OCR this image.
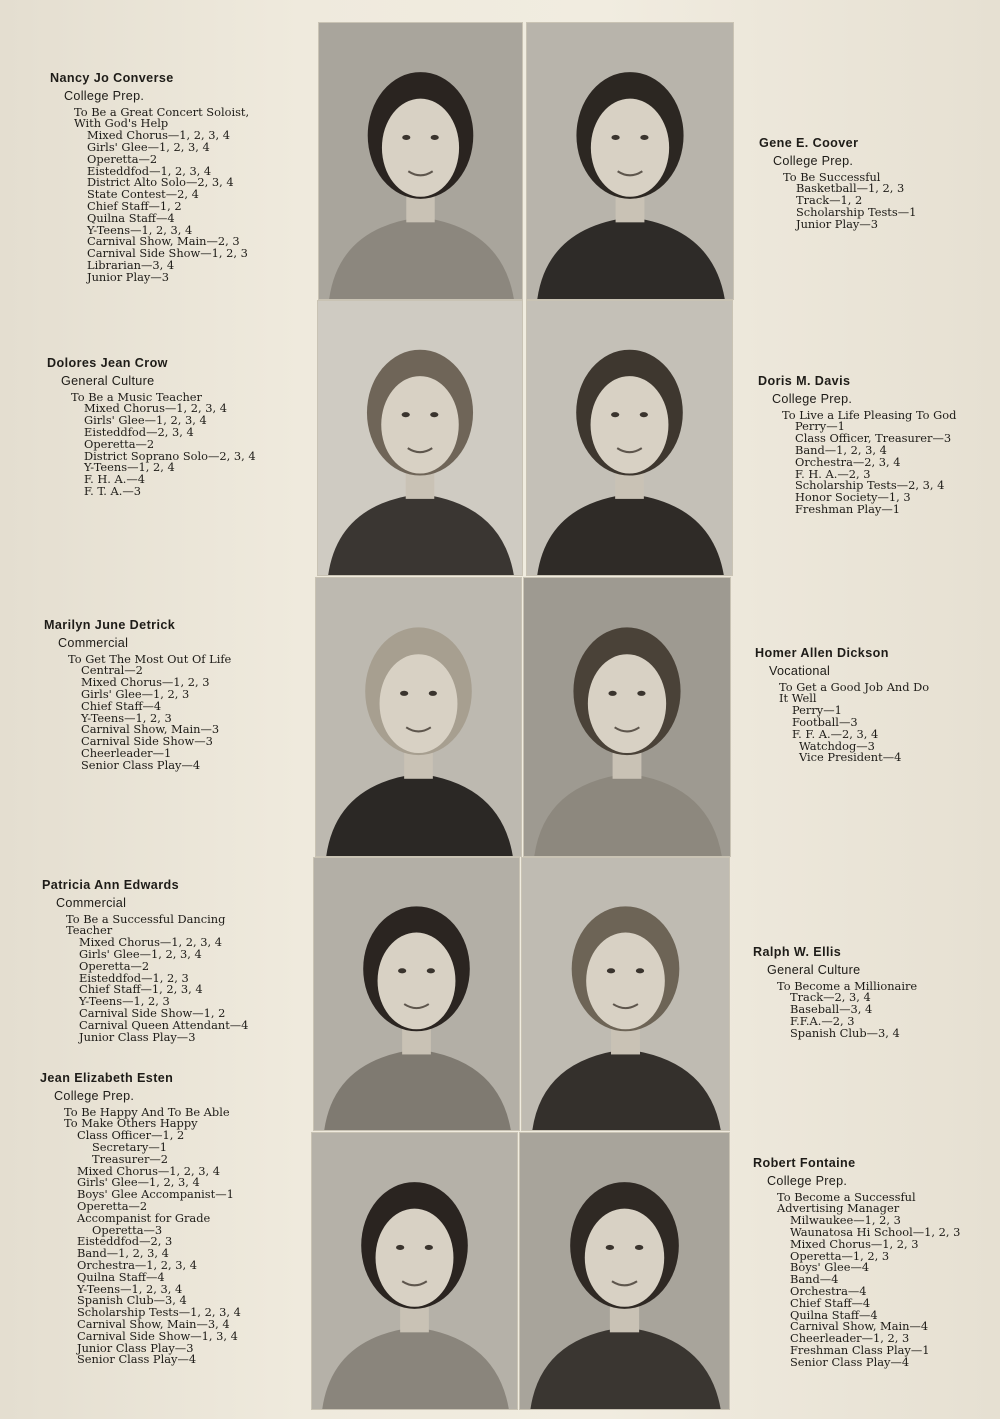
Nancy Jo Converse
College Prep.
To Be a Great Concert Soloist,
With God's Help
Mixed Chorus—1, 2, 3, 4
Girls' Glee—1, 2, 3, 4
Operetta—2
Eisteddfod—1, 2, 3, 4
District Alto Solo—2, 3, 4
State Contest—2, 4
Chief Staff—1, 2
Quilna Staff—4
Y-Teens—1, 2, 3, 4
Carnival Show, Main—2, 3
Carnival Side Show—1, 2, 3
Librarian—3, 4
Junior Play—3
Dolores Jean Crow
General Culture
To Be a Music Teacher
Mixed Chorus—1, 2, 3, 4
Girls' Glee—1, 2, 3, 4
Eisteddfod—2, 3, 4
Operetta—2
District Soprano Solo—2, 3, 4
Y-Teens—1, 2, 4
F. H. A.—4
F. T. A.—3
Marilyn June Detrick
Commercial
To Get The Most Out Of Life
Central—2
Mixed Chorus—1, 2, 3
Girls' Glee—1, 2, 3
Chief Staff—4
Y-Teens—1, 2, 3
Carnival Show, Main—3
Carnival Side Show—3
Cheerleader—1
Senior Class Play—4
Patricia Ann Edwards
Commercial
To Be a Successful Dancing
Teacher
Mixed Chorus—1, 2, 3, 4
Girls' Glee—1, 2, 3, 4
Operetta—2
Eisteddfod—1, 2, 3
Chief Staff—1, 2, 3, 4
Y-Teens—1, 2, 3
Carnival Side Show—1, 2
Carnival Queen Attendant—4
Junior Class Play—3
Jean Elizabeth Esten
College Prep.
To Be Happy And To Be Able
To Make Others Happy
Class Officer—1, 2
Secretary—1
Treasurer—2
Mixed Chorus—1, 2, 3, 4
Girls' Glee—1, 2, 3, 4
Boys' Glee Accompanist—1
Operetta—2
Accompanist for Grade
Operetta—3
Eisteddfod—2, 3
Band—1, 2, 3, 4
Orchestra—1, 2, 3, 4
Quilna Staff—4
Y-Teens—1, 2, 3, 4
Spanish Club—3, 4
Scholarship Tests—1, 2, 3, 4
Carnival Show, Main—3, 4
Carnival Side Show—1, 3, 4
Junior Class Play—3
Senior Class Play—4
Gene E. Coover
College Prep.
To Be Successful
Basketball—1, 2, 3
Track—1, 2
Scholarship Tests—1
Junior Play—3
Doris M. Davis
College Prep.
To Live a Life Pleasing To God
Perry—1
Class Officer, Treasurer—3
Band—1, 2, 3, 4
Orchestra—2, 3, 4
F. H. A.—2, 3
Scholarship Tests—2, 3, 4
Honor Society—1, 3
Freshman Play—1
Homer Allen Dickson
Vocational
To Get a Good Job And Do
It Well
Perry—1
Football—3
F. F. A.—2, 3, 4
Watchdog—3
Vice President—4
Ralph W. Ellis
General Culture
To Become a Millionaire
Track—2, 3, 4
Baseball—3, 4
F.F.A.—2, 3
Spanish Club—3, 4
Robert Fontaine
College Prep.
To Become a Successful
Advertising Manager
Milwaukee—1, 2, 3
Waunatosa Hi School—1, 2, 3
Mixed Chorus—1, 2, 3
Operetta—1, 2, 3
Boys' Glee—4
Band—4
Orchestra—4
Chief Staff—4
Quilna Staff—4
Carnival Show, Main—4
Cheerleader—1, 2, 3
Freshman Class Play—1
Senior Class Play—4
